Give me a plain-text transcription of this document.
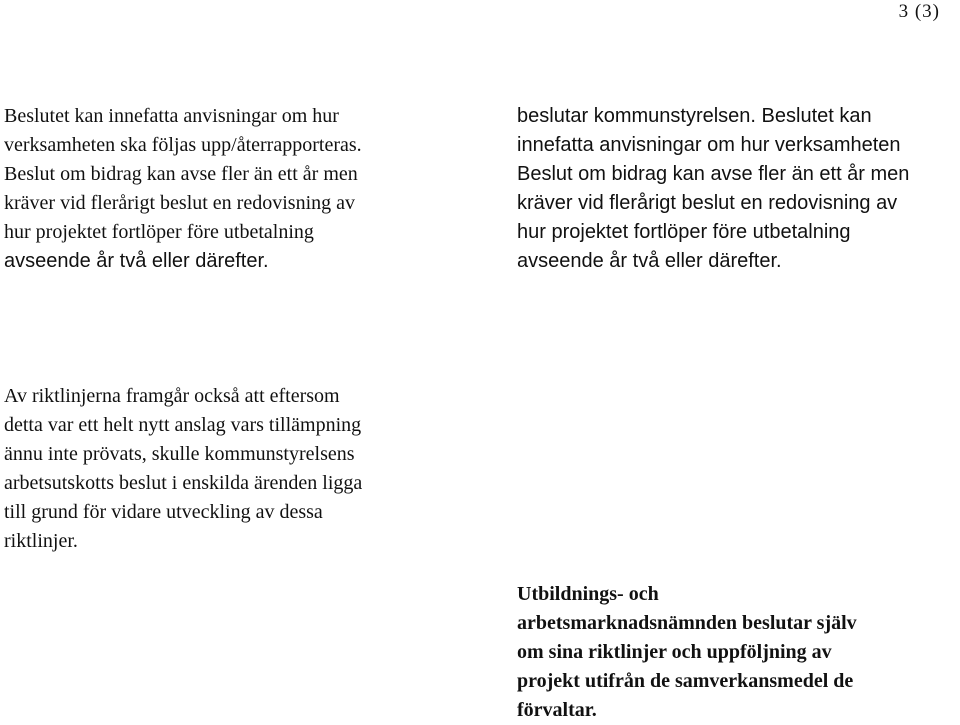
3 (3)
Beslutet kan innefatta anvisningar om hur
verksamheten ska följas upp/återrapporteras.
Beslut om bidrag kan avse fler än ett år men
kräver vid flerårigt beslut en redovisning av
hur projektet fortlöper före utbetalning
avseende år två eller därefter.
beslutar kommunstyrelsen. Beslutet kan
innefatta anvisningar om hur verksamheten
Beslut om bidrag kan avse fler än ett år men
kräver vid flerårigt beslut en redovisning av
hur projektet fortlöper före utbetalning
avseende år två eller därefter.
Av riktlinjerna framgår också att eftersom
detta var ett helt nytt anslag vars tillämpning
ännu inte prövats, skulle kommunstyrelsens
arbetsutskotts beslut i enskilda ärenden ligga
till grund för vidare utveckling av dessa
riktlinjer.
Utbildnings- och
arbetsmarknadsnämnden beslutar själv
om sina riktlinjer och uppföljning av
projekt utifrån de samverkansmedel de
förvaltar.
